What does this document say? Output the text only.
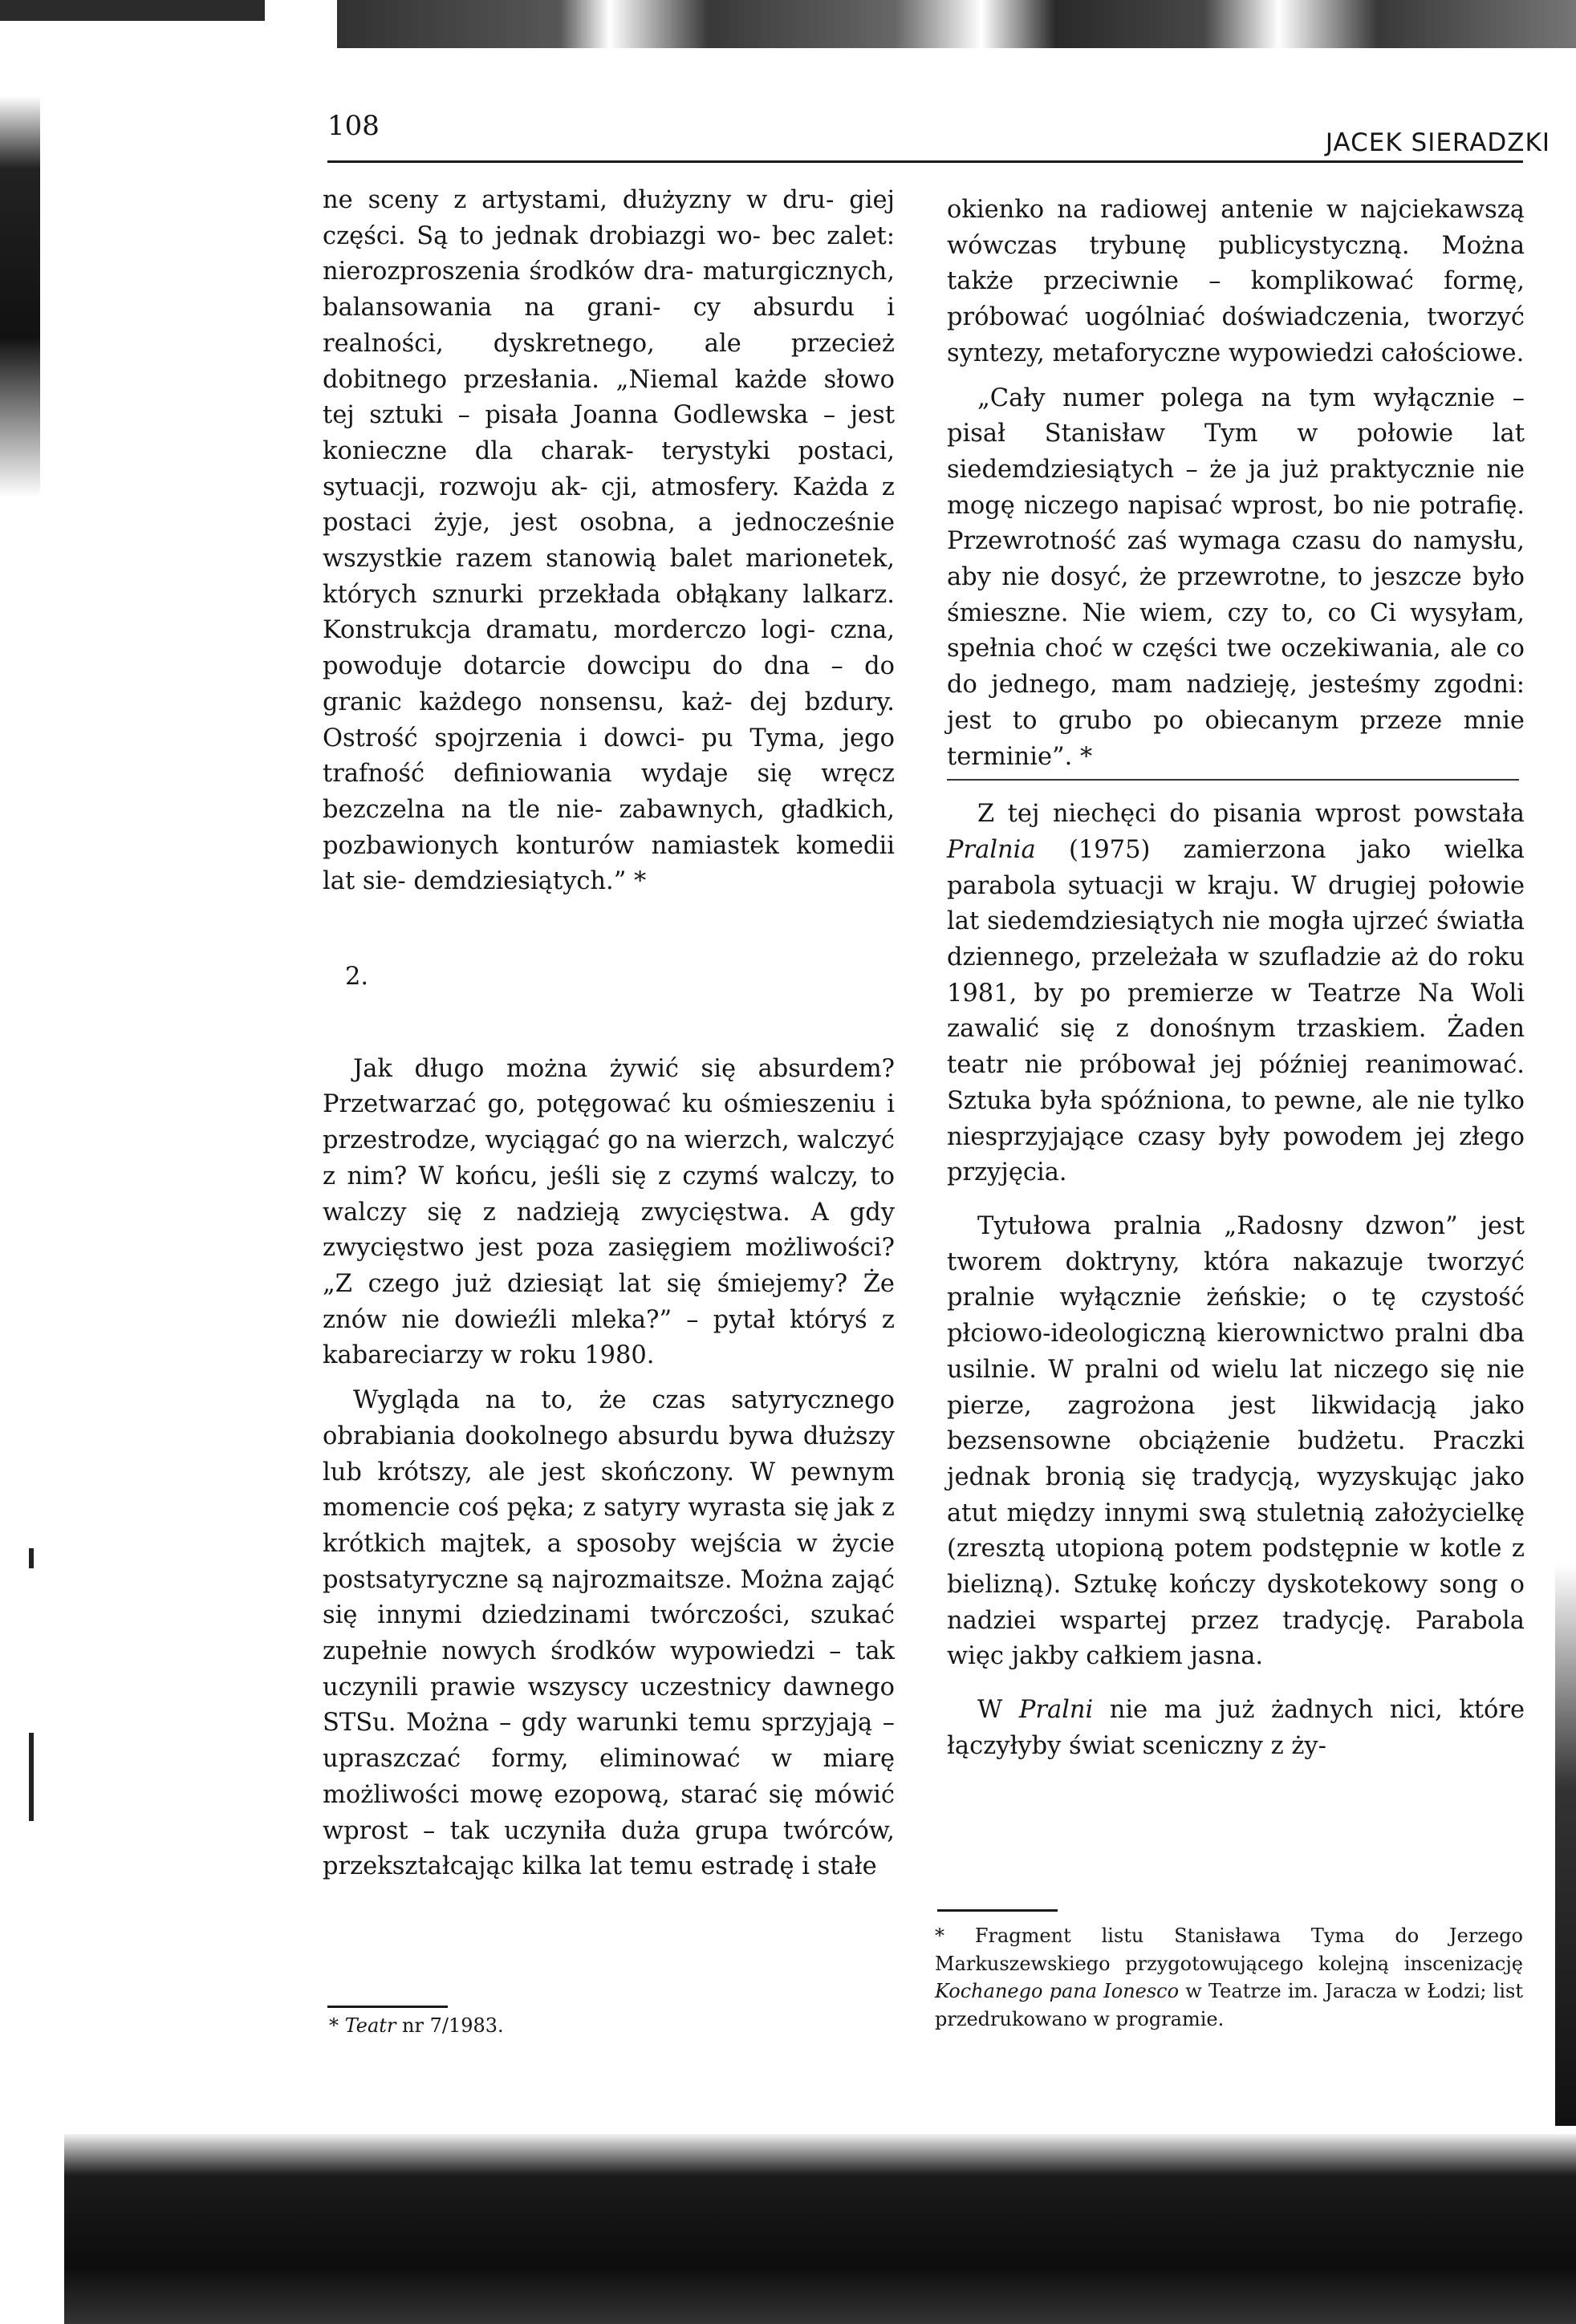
108
JACEK SIERADZKI

ne sceny z artystami, dłużyzny w dru- giej części. Są to jednak drobiazgi wo- bec zalet: nierozproszenia środków dra- maturgicznych, balansowania na grani- cy absurdu i realności, dyskretnego, ale przecież dobitnego przesłania. „Niemal każde słowo tej sztuki – pisała Joanna Godlewska – jest konieczne dla charak- terystyki postaci, sytuacji, rozwoju ak- cji, atmosfery. Każda z postaci żyje, jest osobna, a jednocześnie wszystkie razem stanowią balet marionetek, których sznurki przekłada obłąkany lalkarz. Konstrukcja dramatu, morderczo logi- czna, powoduje dotarcie dowcipu do dna – do granic każdego nonsensu, każ- dej bzdury. Ostrość spojrzenia i dowci- pu Tyma, jego trafność definiowania wydaje się wręcz bezczelna na tle nie- zabawnych, gładkich, pozbawionych konturów namiastek komedii lat sie- demdziesiątych.” *

2.

Jak długo można żywić się absurdem? Przetwarzać go, potęgować ku ośmieszeniu i przestrodze, wyciągać go na wierzch, walczyć z nim? W końcu, jeśli się z czymś walczy, to walczy się z nadzieją zwycięstwa. A gdy zwycięstwo jest poza zasięgiem możliwości? „Z czego już dziesiąt lat się śmiejemy? Że znów nie dowieźli mleka?” – pytał któryś z kabareciarzy w roku 1980.

Wygląda na to, że czas satyrycznego obrabiania dookolnego absurdu bywa dłuższy lub krótszy, ale jest skończony. W pewnym momencie coś pęka; z satyry wyrasta się jak z krótkich majtek, a sposoby wejścia w życie postsatyryczne są najrozmaitsze. Można zająć się innymi dziedzinami twórczości, szukać zupełnie nowych środków wypowiedzi – tak uczynili prawie wszyscy uczestnicy dawnego STSu. Można – gdy warunki temu sprzyjają – upraszczać formy, eliminować w miarę możliwości mowę ezopową, starać się mówić wprost – tak uczyniła duża grupa twórców, przekształcając kilka lat temu estradę i stałe

* Teatr nr 7/1983.

okienko na radiowej antenie w najciekawszą wówczas trybunę publicystyczną. Można także przeciwnie – komplikować formę, próbować uogólniać doświadczenia, tworzyć syntezy, metaforyczne wypowiedzi całościowe.

„Cały numer polega na tym wyłącznie – pisał Stanisław Tym w połowie lat siedemdziesiątych – że ja już praktycznie nie mogę niczego napisać wprost, bo nie potrafię. Przewrotność zaś wymaga czasu do namysłu, aby nie dosyć, że przewrotne, to jeszcze było śmieszne. Nie wiem, czy to, co Ci wysyłam, spełnia choć w części twe oczekiwania, ale co do jednego, mam nadzieję, jesteśmy zgodni: jest to grubo po obiecanym przeze mnie terminie”. *

Z tej niechęci do pisania wprost powstała Pralnia (1975) zamierzona jako wielka parabola sytuacji w kraju. W drugiej połowie lat siedemdziesiątych nie mogła ujrzeć światła dziennego, przeleżała w szufladzie aż do roku 1981, by po premierze w Teatrze Na Woli zawalić się z donośnym trzaskiem. Żaden teatr nie próbował jej później reanimować. Sztuka była spóźniona, to pewne, ale nie tylko niesprzyjające czasy były powodem jej złego przyjęcia.

Tytułowa pralnia „Radosny dzwon” jest tworem doktryny, która nakazuje tworzyć pralnie wyłącznie żeńskie; o tę czystość płciowo-ideologiczną kierownictwo pralni dba usilnie. W pralni od wielu lat niczego się nie pierze, zagrożona jest likwidacją jako bezsensowne obciążenie budżetu. Praczki jednak bronią się tradycją, wyzyskując jako atut między innymi swą stuletnią założycielkę (zresztą utopioną potem podstępnie w kotle z bielizną). Sztukę kończy dyskotekowy song o nadziei wspartej przez tradycję. Parabola więc jakby całkiem jasna.

W Pralni nie ma już żadnych nici, które łączyłyby świat sceniczny z ży-

* Fragment listu Stanisława Tyma do Jerzego Markuszewskiego przygotowującego kolejną inscenizację Kochanego pana Ionesco w Teatrze im. Jaracza w Łodzi; list przedrukowano w programie.
